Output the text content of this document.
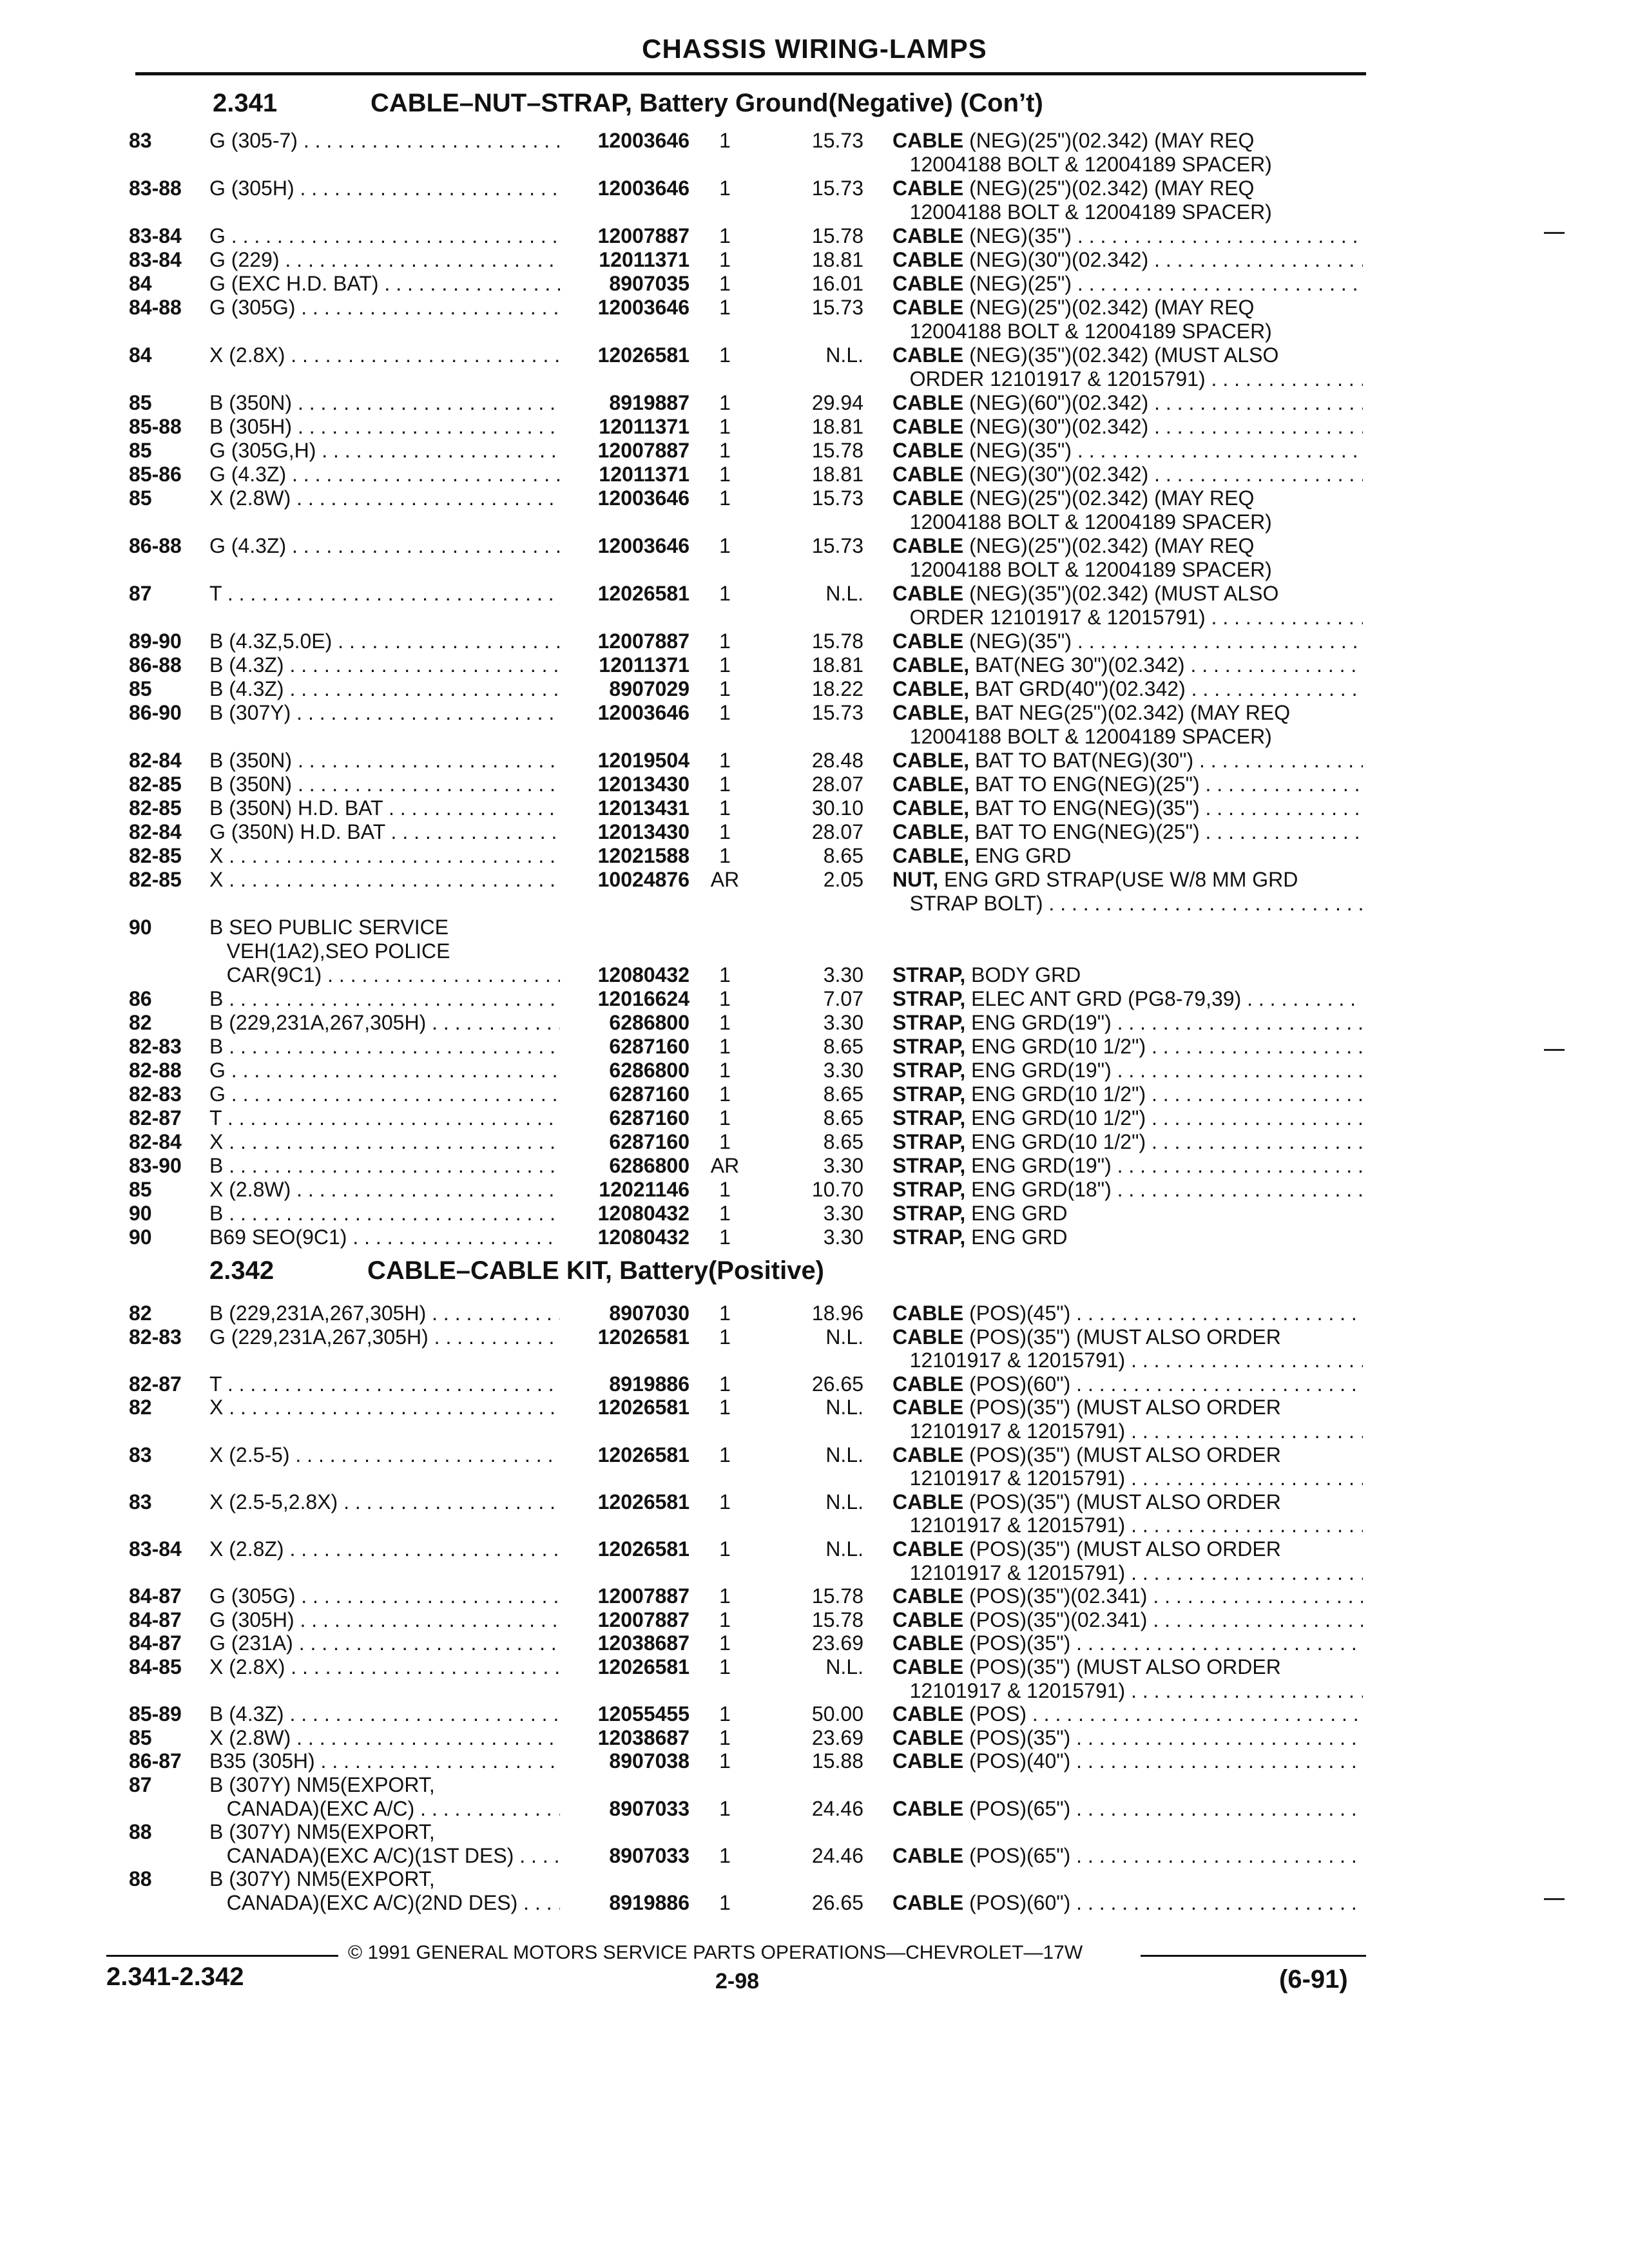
CHASSIS WIRING-LAMPS
2.341	CABLE–NUT–STRAP, Battery Ground(Negative) (Con’t)
2.342	CABLE–CABLE KIT, Battery(Positive)
83	G (305-7) . . .	12003646	1	15.73 CABLE (NEG)(25")(02.342) (MAY REQ
12004188 BOLT & 12004189 SPACER)
83-88 G (305H) . . .	12003646	1	15.73 CABLE (NEG)(25")(02.342) (MAY REQ
12004188 BOLT & 12004189 SPACER)
83-84 G . . .	12007887	1	15.78 CABLE (NEG)(35") . . .
83-84 G (229) . . .	12011371	1	18.81 CABLE (NEG)(30")(02.342) . . .
84	G (EXC H.D. BAT) . . .	8907035	1	16.01 CABLE (NEG)(25") . . .
84-88 G (305G) . . .	12003646	1	15.73 CABLE (NEG)(25")(02.342) (MAY REQ
12004188 BOLT & 12004189 SPACER)
84	X (2.8X) . . .	12026581	1	N.L. CABLE (NEG)(35")(02.342) (MUST ALSO
ORDER 12101917 & 12015791) . . .
85	B (350N) . . .	8919887	1	29.94 CABLE (NEG)(60")(02.342) . . .
85-88 B (305H) . . .	12011371	1	18.81 CABLE (NEG)(30")(02.342) . . .
85	G (305G,H) . . .	12007887	1	15.78 CABLE (NEG)(35") . . .
85-86 G (4.3Z) . . .	12011371	1	18.81 CABLE (NEG)(30")(02.342) . . .
85	X (2.8W) . . .	12003646	1	15.73 CABLE (NEG)(25")(02.342) (MAY REQ
12004188 BOLT & 12004189 SPACER)
86-88 G (4.3Z) . . .	12003646	1	15.73 CABLE (NEG)(25")(02.342) (MAY REQ
12004188 BOLT & 12004189 SPACER)
87	T . . .	12026581	1	N.L. CABLE (NEG)(35")(02.342) (MUST ALSO
ORDER 12101917 & 12015791) . . .
89-90 B (4.3Z,5.0E) . . .	12007887	1	15.78 CABLE (NEG)(35") . . .
86-88 B (4.3Z) . . .	12011371	1	18.81 CABLE, BAT(NEG 30")(02.342) . . .
85	B (4.3Z) . . .	8907029	1	18.22 CABLE, BAT GRD(40")(02.342) . . .
86-90 B (307Y) . . .	12003646	1	15.73 CABLE, BAT NEG(25")(02.342) (MAY REQ
12004188 BOLT & 12004189 SPACER)
82-84 B (350N) . . .	12019504	1	28.48 CABLE, BAT TO BAT(NEG)(30") . . .
82-85 B (350N) . . .	12013430	1	28.07 CABLE, BAT TO ENG(NEG)(25") . . .
82-85 B (350N) H.D. BAT . . .	12013431	1	30.10 CABLE, BAT TO ENG(NEG)(35") . . .
82-84 G (350N) H.D. BAT . . .	12013430	1	28.07 CABLE, BAT TO ENG(NEG)(25") . . .
82-85 X . . .	12021588	1	8.65 CABLE, ENG GRD
82-85 X . . .	10024876	AR	2.05 NUT, ENG GRD STRAP(USE W/8 MM GRD
STRAP BOLT) . . .
90	B SEO PUBLIC SERVICE
VEH(1A2),SEO POLICE
CAR(9C1) . . .	12080432	1	3.30 STRAP, BODY GRD
86	B . . .	12016624	1	7.07 STRAP, ELEC ANT GRD (PG8-79,39) . . .
82	B (229,231A,267,305H) . . .	6286800	1	3.30 STRAP, ENG GRD(19") . . .
82-83 B . . .	6287160	1	8.65 STRAP, ENG GRD(10 1/2") . . .
82-88 G . . .	6286800	1	3.30 STRAP, ENG GRD(19") . . .
82-83 G . . .	6287160	1	8.65 STRAP, ENG GRD(10 1/2") . . .
82-87 T . . .	6287160	1	8.65 STRAP, ENG GRD(10 1/2") . . .
82-84 X . . .	6287160	1	8.65 STRAP, ENG GRD(10 1/2") . . .
83-90 B . . .	6286800	AR	3.30 STRAP, ENG GRD(19") . . .
85	X (2.8W) . . .	12021146	1	10.70 STRAP, ENG GRD(18") . . .
90	B . . .	12080432	1	3.30 STRAP, ENG GRD
90	B69 SEO(9C1) . . .	12080432	1	3.30 STRAP, ENG GRD
82	B (229,231A,267,305H) . . .	8907030	1	18.96 CABLE (POS)(45") . . .
82-83 G (229,231A,267,305H) . . .	12026581	1	N.L. CABLE (POS)(35") (MUST ALSO ORDER
12101917 & 12015791) . . .
82-87 T . . .	8919886	1	26.65 CABLE (POS)(60") . . .
82	X . . .	12026581	1	N.L. CABLE (POS)(35") (MUST ALSO ORDER
12101917 & 12015791) . . .
83	X (2.5-5) . . .	12026581	1	N.L. CABLE (POS)(35") (MUST ALSO ORDER
12101917 & 12015791) . . .
83	X (2.5-5,2.8X) . . .	12026581	1	N.L. CABLE (POS)(35") (MUST ALSO ORDER
12101917 & 12015791) . . .
83-84 X (2.8Z) . . .	12026581	1	N.L. CABLE (POS)(35") (MUST ALSO ORDER
12101917 & 12015791) . . .
84-87 G (305G) . . .	12007887	1	15.78 CABLE (POS)(35")(02.341) . . .
84-87 G (305H) . . .	12007887	1	15.78 CABLE (POS)(35")(02.341) . . .
84-87 G (231A) . . .	12038687	1	23.69 CABLE (POS)(35") . . .
84-85 X (2.8X) . . .	12026581	1	N.L. CABLE (POS)(35") (MUST ALSO ORDER
12101917 & 12015791) . . .
85-89 B (4.3Z) . . .	12055455	1	50.00 CABLE (POS) . . .
85	X (2.8W) . . .	12038687	1	23.69 CABLE (POS)(35") . . .
86-87 B35 (305H) . . .	8907038	1	15.88 CABLE (POS)(40") . . .
87	B (307Y) NM5(EXPORT,
CANADA)(EXC A/C) . . .	8907033	1	24.46 CABLE (POS)(65") . . .
88	B (307Y) NM5(EXPORT,
CANADA)(EXC A/C)(1ST DES) . . .	8907033	1	24.46 CABLE (POS)(65") . . .
88	B (307Y) NM5(EXPORT,
CANADA)(EXC A/C)(2ND DES) . . .	8919886	1	26.65 CABLE (POS)(60") . . .
© 1991 GENERAL MOTORS SERVICE PARTS OPERATIONS—CHEVROLET—17W
2.341-2.342	2-98	(6-91)
